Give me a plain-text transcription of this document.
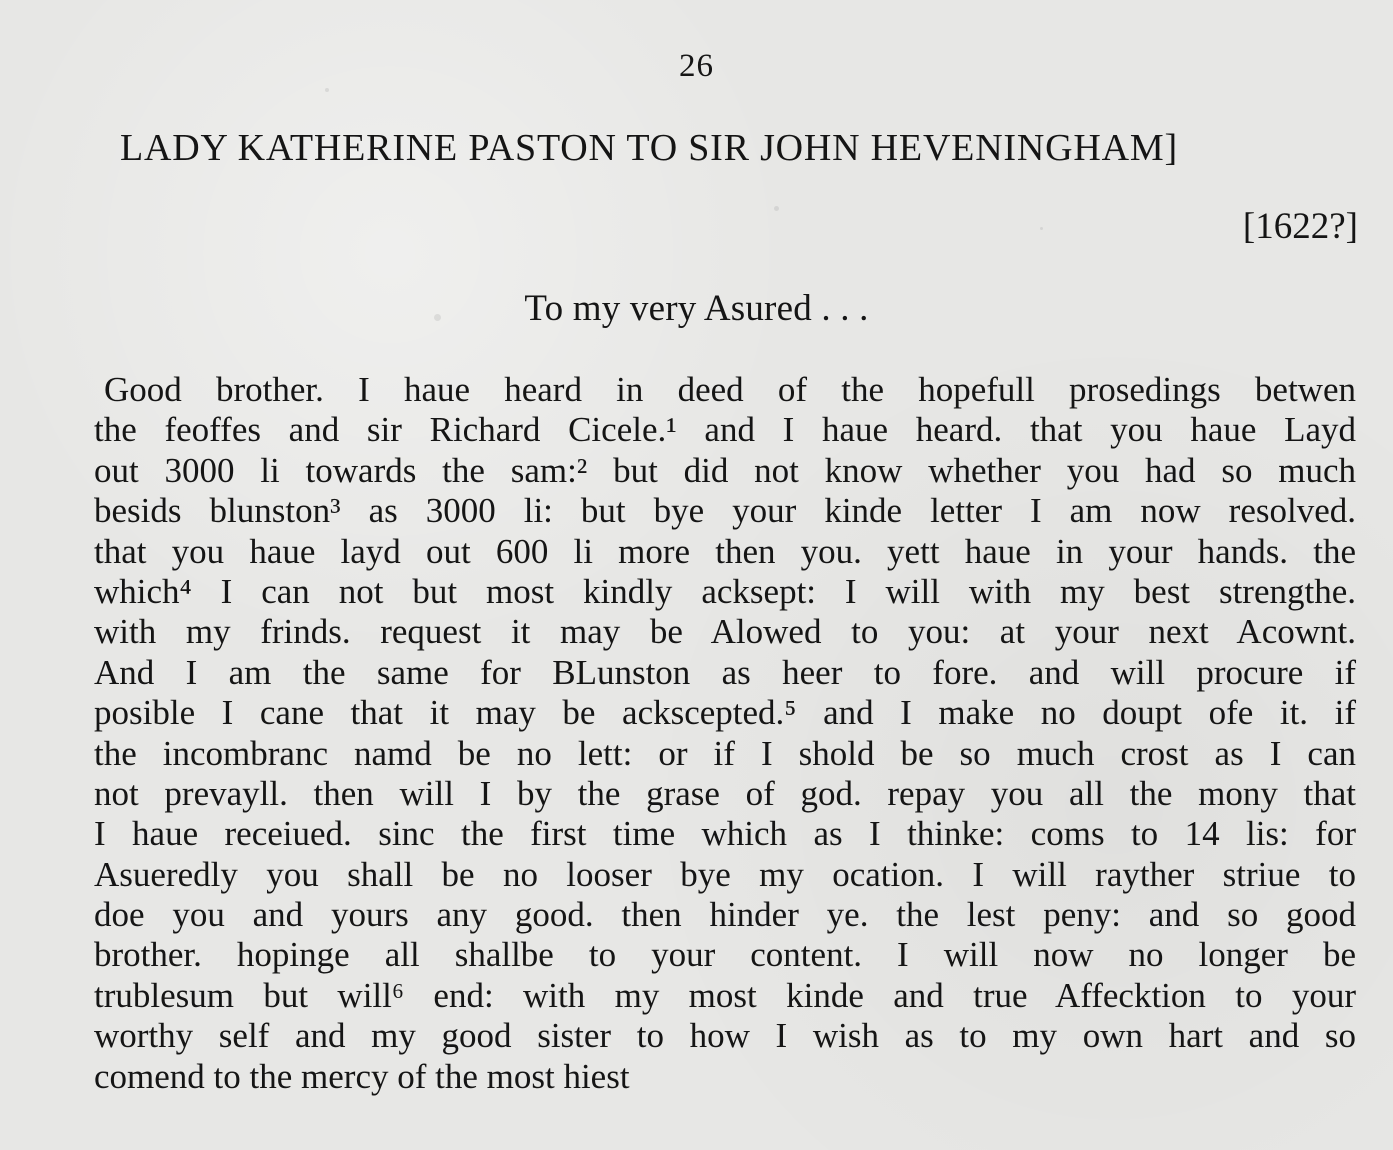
26
LADY KATHERINE PASTON TO SIR JOHN HEVENINGHAM]
[1622?]
To my very Asured . . .
Good brother. I haue heard in deed of the hopefull prosedings betwen
the feoffes and sir Richard Cicele.¹ and I haue heard. that you haue Layd
out 3000 li towards the sam:² but did not know whether you had so much
besids blunston³ as 3000 li: but bye your kinde letter I am now resolved.
that you haue layd out 600 li more then you. yett haue in your hands. the
which⁴ I can not but most kindly acksept: I will with my best strengthe.
with my frinds. request it may be Alowed to you: at your next Acownt.
And I am the same for BLunston as heer to fore. and will procure if
posible I cane that it may be ackscepted.⁵ and I make no doupt ofe it. if
the incombranc namd be no lett: or if I shold be so much crost as I can
not prevayll. then will I by the grase of god. repay you all the mony that
I haue receiued. sinc the first time which as I thinke: coms to 14 lis: for
Asueredly you shall be no looser bye my ocation. I will rayther striue to
doe you and yours any good. then hinder ye. the lest peny: and so good
brother. hopinge all shallbe to your content. I will now no longer be
trublesum but will⁶ end: with my most kinde and true Affecktion to your
worthy self and my good sister to how I wish as to my own hart and so
comend to the mercy of the most hiest
